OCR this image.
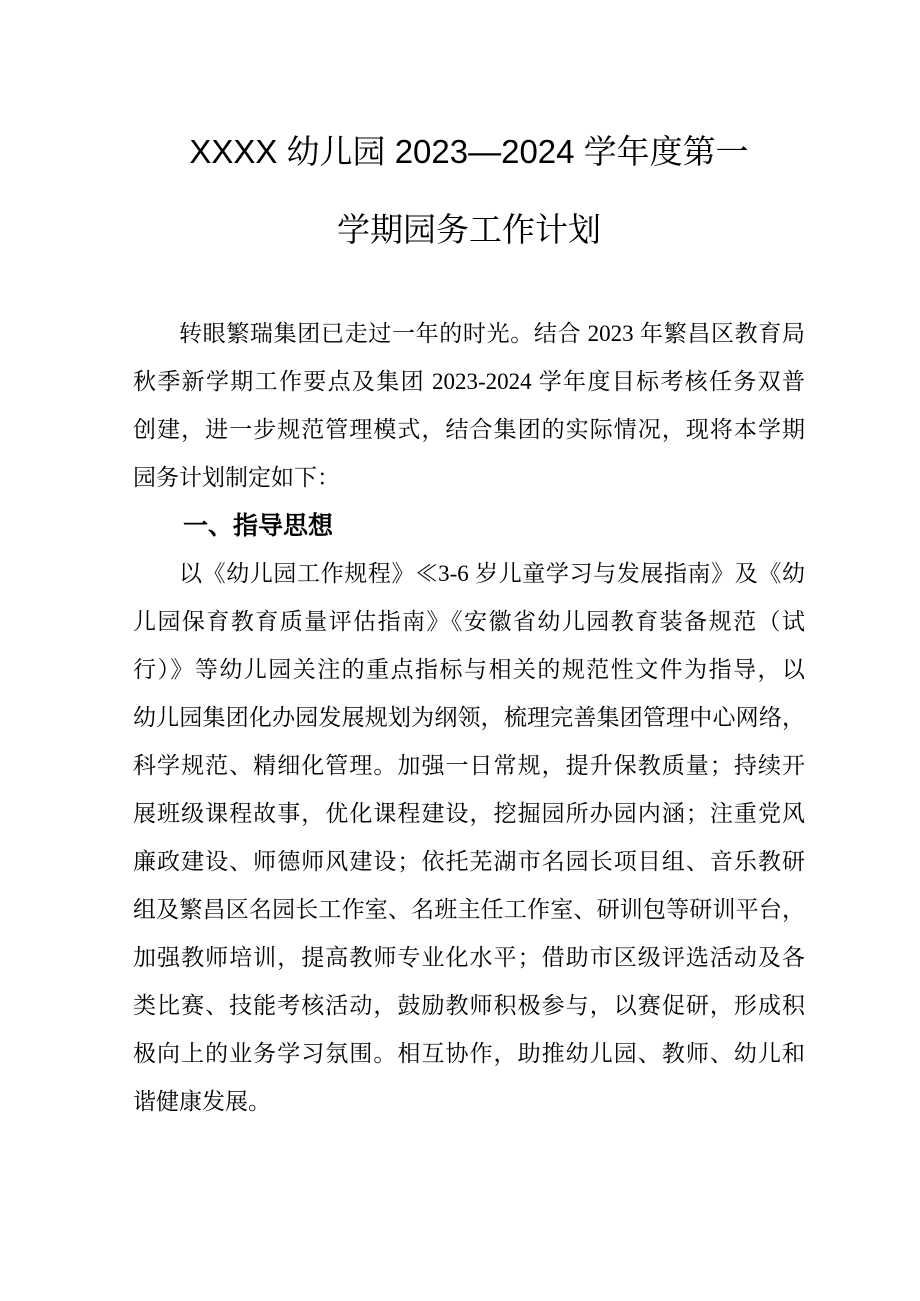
XXXX 幼儿园 2023—2024 学年度第一
学期园务工作计划
转眼繁瑞集团已走过一年的时光。结合 2023 年繁昌区教育局
秋季新学期工作要点及集团 2023-2024 学年度目标考核任务双普
创建，进一步规范管理模式，结合集团的实际情况，现将本学期
园务计划制定如下：
一、指导思想
以《幼儿园工作规程》≪3-6 岁儿童学习与发展指南》及《幼
儿园保育教育质量评估指南》《安徽省幼儿园教育装备规范（试
行）》等幼儿园关注的重点指标与相关的规范性文件为指导，以
幼儿园集团化办园发展规划为纲领，梳理完善集团管理中心网络，
科学规范、精细化管理。加强一日常规，提升保教质量；持续开
展班级课程故事，优化课程建设，挖掘园所办园内涵；注重党风
廉政建设、师德师风建设；依托芜湖市名园长项目组、音乐教研
组及繁昌区名园长工作室、名班主任工作室、研训包等研训平台，
加强教师培训，提高教师专业化水平；借助市区级评选活动及各
类比赛、技能考核活动，鼓励教师积极参与，以赛促研，形成积
极向上的业务学习氛围。相互协作，助推幼儿园、教师、幼儿和
谐健康发展。
